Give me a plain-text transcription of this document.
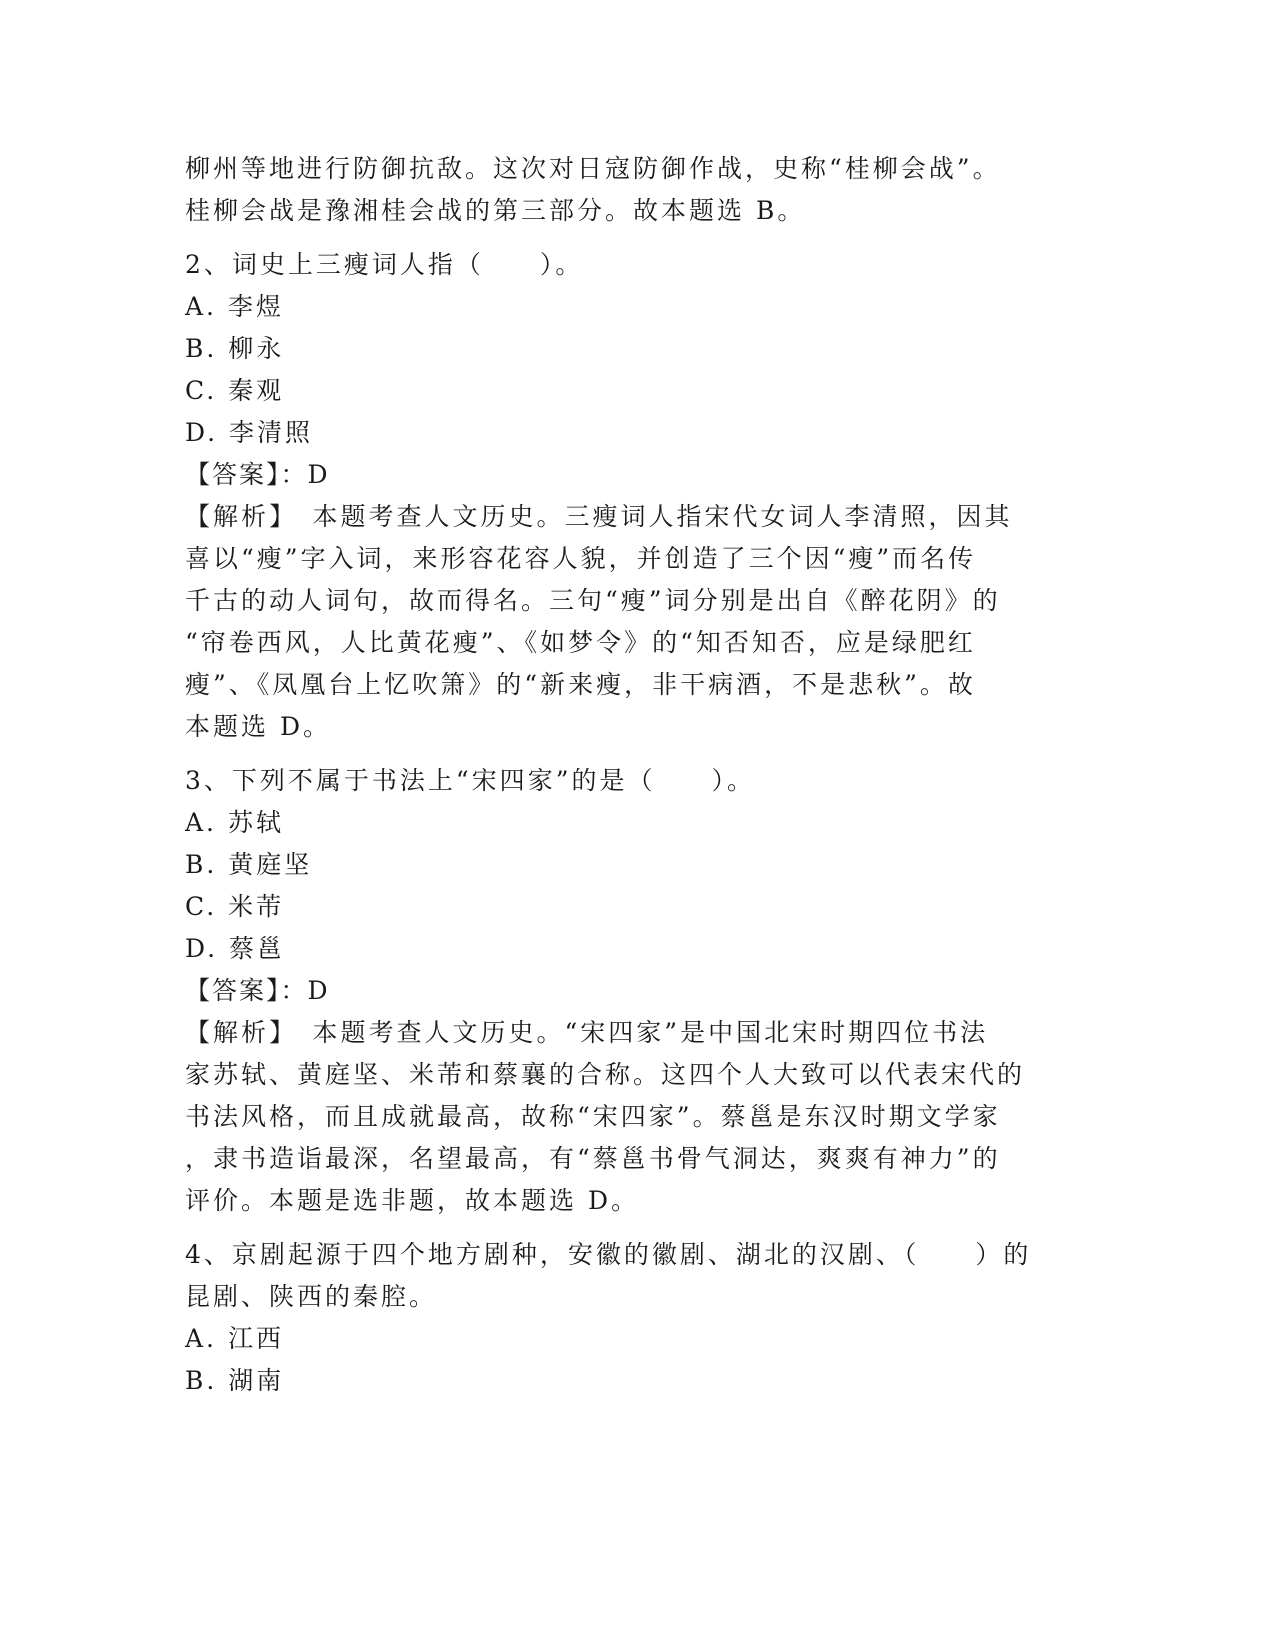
柳州等地进行防御抗敌。这次对日寇防御作战，史称“桂柳会战”。
桂柳会战是豫湘桂会战的第三部分。故本题选 B。
2、词史上三瘦词人指（　　）。
A. 李煜
B. 柳永
C. 秦观
D. 李清照
【答案】：D
【解析】　本题考查人文历史。三瘦词人指宋代女词人李清照，因其
喜以“瘦”字入词，来形容花容人貌，并创造了三个因“瘦”而名传
千古的动人词句，故而得名。三句“瘦”词分别是出自《醉花阴》的
“帘卷西风，人比黄花瘦”、《如梦令》的“知否知否，应是绿肥红
瘦”、《凤凰台上忆吹箫》的“新来瘦，非干病酒，不是悲秋”。故
本题选 D。
3、下列不属于书法上“宋四家”的是（　　）。
A. 苏轼
B. 黄庭坚
C. 米芾
D. 蔡邕
【答案】：D
【解析】　本题考查人文历史。“宋四家”是中国北宋时期四位书法
家苏轼、黄庭坚、米芾和蔡襄的合称。这四个人大致可以代表宋代的
书法风格，而且成就最高，故称“宋四家”。蔡邕是东汉时期文学家
，隶书造诣最深，名望最高，有“蔡邕书骨气洞达，爽爽有神力”的
评价。本题是选非题，故本题选 D。
4、京剧起源于四个地方剧种，安徽的徽剧、湖北的汉剧、（　　）的
昆剧、陕西的秦腔。
A. 江西
B. 湖南
